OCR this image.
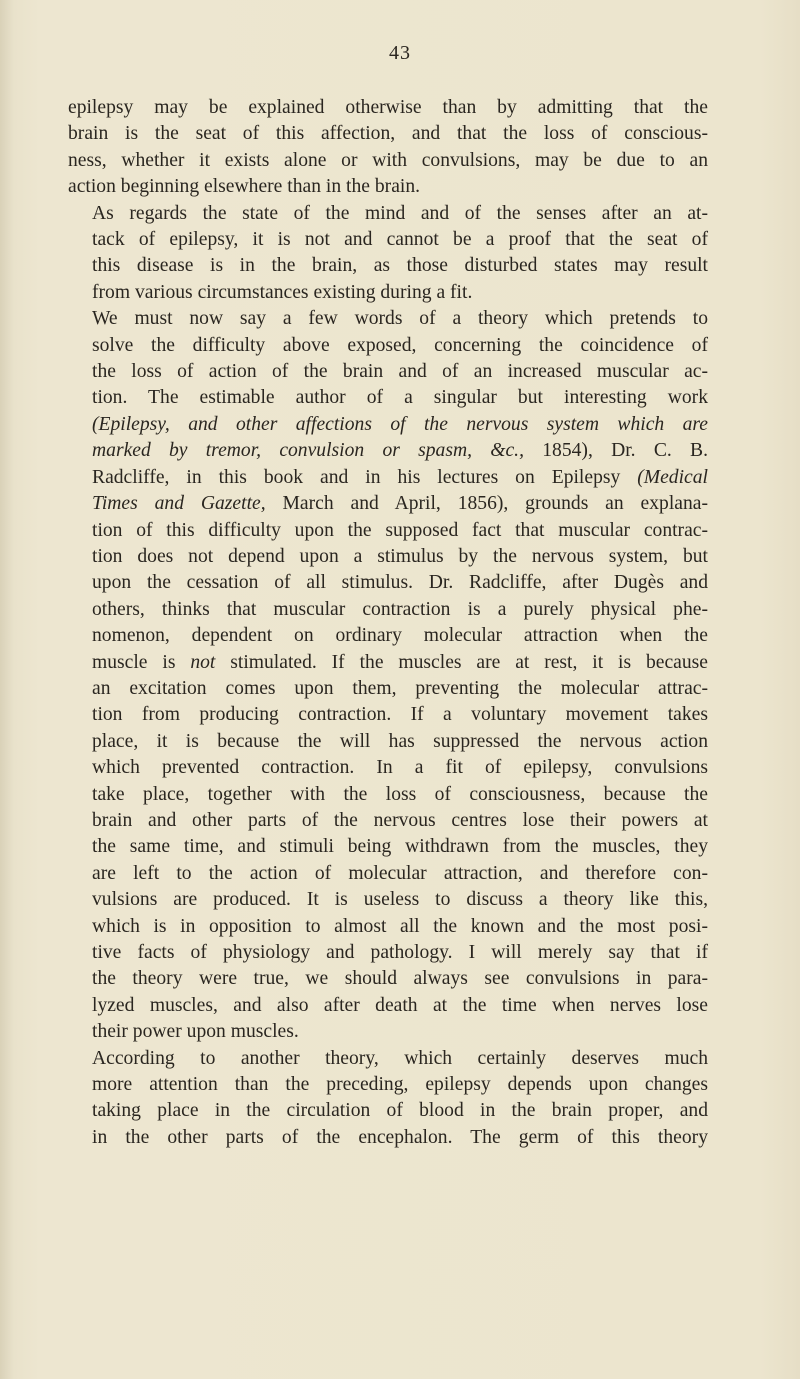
43

epilepsy may be explained otherwise than by admitting that the
brain is the seat of this affection, and that the loss of conscious-
ness, whether it exists alone or with convulsions, may be due to an
action beginning elsewhere than in the brain.

As regards the state of the mind and of the senses after an at-
tack of epilepsy, it is not and cannot be a proof that the seat of
this disease is in the brain, as those disturbed states may result
from various circumstances existing during a fit.

We must now say a few words of a theory which pretends to
solve the difficulty above exposed, concerning the coincidence of
the loss of action of the brain and of an increased muscular ac-
tion. The estimable author of a singular but interesting work
(Epilepsy, and other affections of the nervous system which are
marked by tremor, convulsion or spasm, &c., 1854), Dr. C. B.
Radcliffe, in this book and in his lectures on Epilepsy (Medical
Times and Gazette, March and April, 1856), grounds an explana-
tion of this difficulty upon the supposed fact that muscular contrac-
tion does not depend upon a stimulus by the nervous system, but
upon the cessation of all stimulus. Dr. Radcliffe, after Dugès and
others, thinks that muscular contraction is a purely physical phe-
nomenon, dependent on ordinary molecular attraction when the
muscle is not stimulated. If the muscles are at rest, it is because
an excitation comes upon them, preventing the molecular attrac-
tion from producing contraction. If a voluntary movement takes
place, it is because the will has suppressed the nervous action
which prevented contraction. In a fit of epilepsy, convulsions
take place, together with the loss of consciousness, because the
brain and other parts of the nervous centres lose their powers at
the same time, and stimuli being withdrawn from the muscles, they
are left to the action of molecular attraction, and therefore con-
vulsions are produced. It is useless to discuss a theory like this,
which is in opposition to almost all the known and the most posi-
tive facts of physiology and pathology. I will merely say that if
the theory were true, we should always see convulsions in para-
lyzed muscles, and also after death at the time when nerves lose
their power upon muscles.

According to another theory, which certainly deserves much
more attention than the preceding, epilepsy depends upon changes
taking place in the circulation of blood in the brain proper, and
in the other parts of the encephalon. The germ of this theory
